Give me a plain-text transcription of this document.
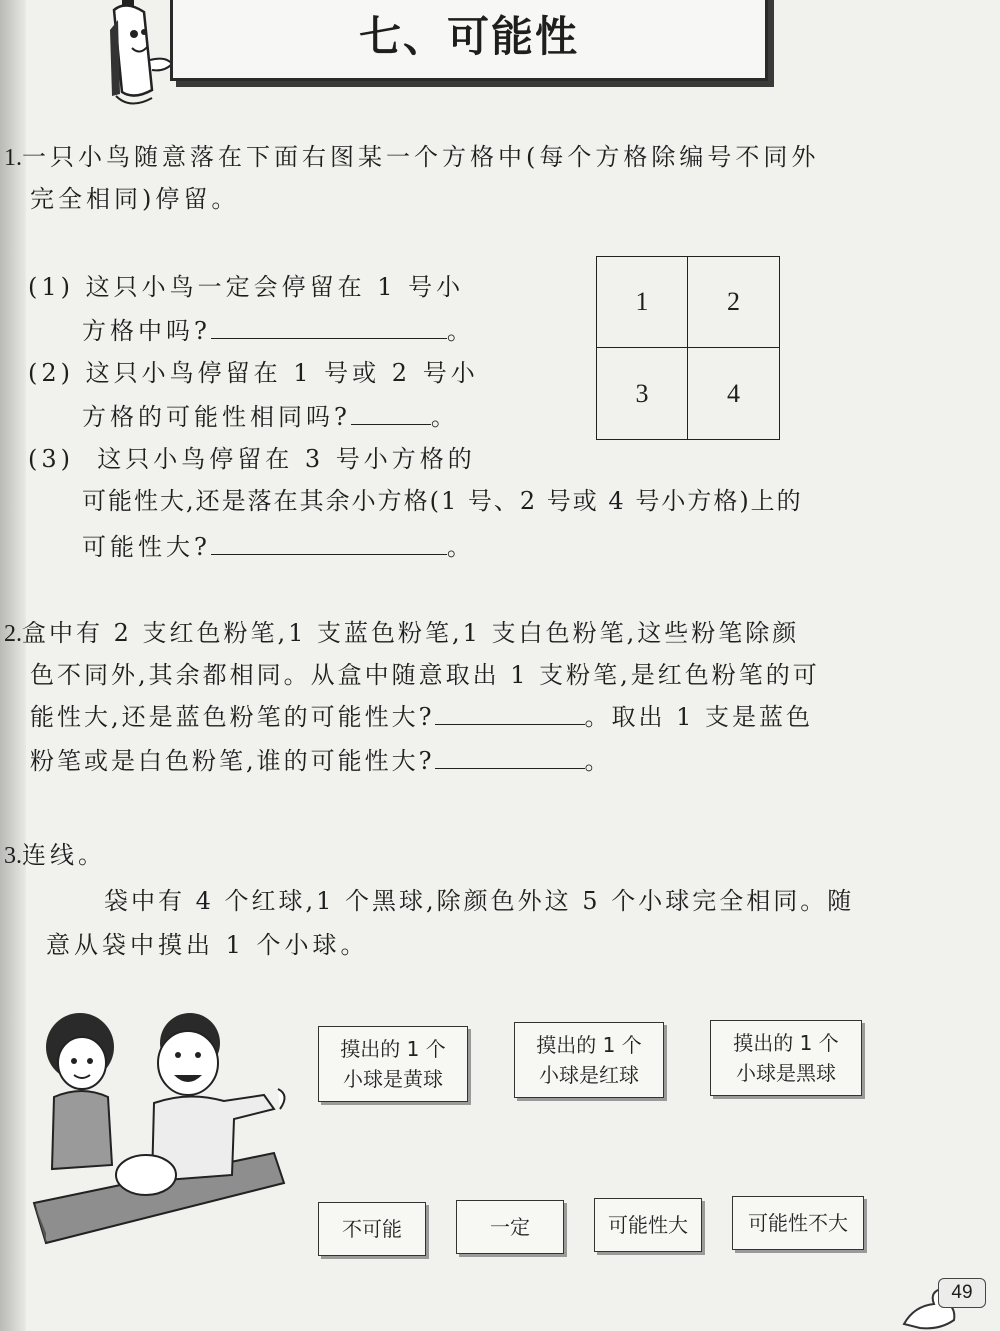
七、可能性
1.一只小鸟随意落在下面右图某一个方格中(每个方格除编号不同外
完全相同)停留。
(1) 这只小鸟一定会停留在 1 号小
方格中吗?	。
(2) 这只小鸟停留在 1 号或 2 号小
方格的可能性相同吗?	。
(3) 这只小鸟停留在 3 号小方格的
可能性大,还是落在其余小方格(1 号、2 号或 4 号小方格)上的
可能性大?	。
1	2
3	4
2.盒中有 2 支红色粉笔,1 支蓝色粉笔,1 支白色粉笔,这些粉笔除颜
色不同外,其余都相同。从盒中随意取出 1 支粉笔,是红色粉笔的可
能性大,还是蓝色粉笔的可能性大?	。取出 1 支是蓝色
粉笔或是白色粉笔,谁的可能性大?	。
3.连线。
袋中有 4 个红球,1 个黑球,除颜色外这 5 个小球完全相同。随
意从袋中摸出 1 个小球。
摸出的 1 个
小球是黄球
摸出的 1 个
小球是红球
摸出的 1 个
小球是黑球
不可能	一定	可能性大	可能性不大
49
